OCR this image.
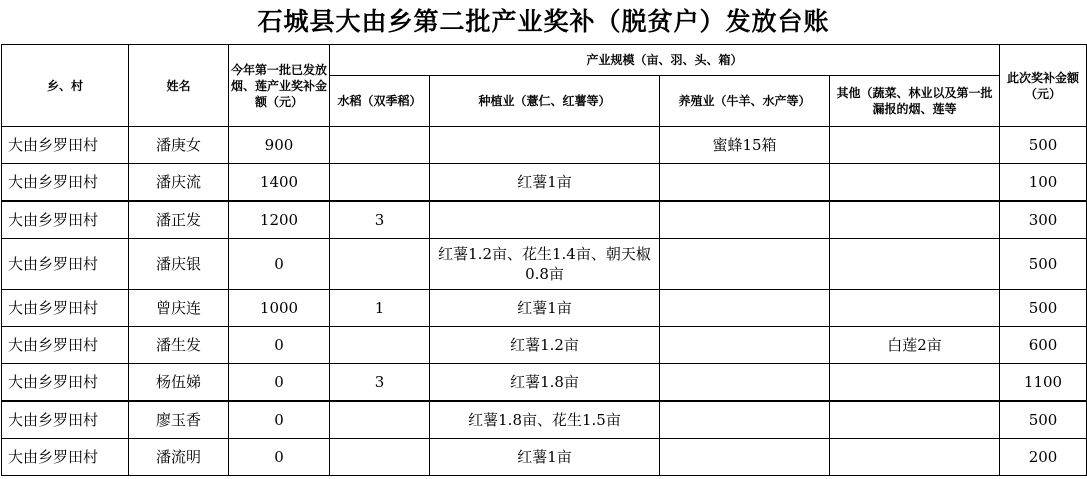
石城县大由乡第二批产业奖补（脱贫户）发放台账
乡、村	姓名	今年第一批已发放烟、莲产业奖补金额（元）	产业规模（亩、羽、头、箱）				此次奖补金额（元）
			水稻（双季稻）	种植业（薏仁、红薯等）	养殖业（牛羊、水产等）	其他（蔬菜、林业以及第一批漏报的烟、莲等	
大由乡罗田村	潘庚女	900			蜜蜂15箱		500
大由乡罗田村	潘庆流	1400		红薯1亩			100
大由乡罗田村	潘正发	1200	3				300
大由乡罗田村	潘庆银	0		红薯1.2亩、花生1.4亩、朝天椒0.8亩			500
大由乡罗田村	曾庆连	1000	1	红薯1亩			500
大由乡罗田村	潘生发	0		红薯1.2亩		白莲2亩	600
大由乡罗田村	杨伍娣	0	3	红薯1.8亩			1100
大由乡罗田村	廖玉香	0		红薯1.8亩、花生1.5亩			500
大由乡罗田村	潘流明	0		红薯1亩			200
